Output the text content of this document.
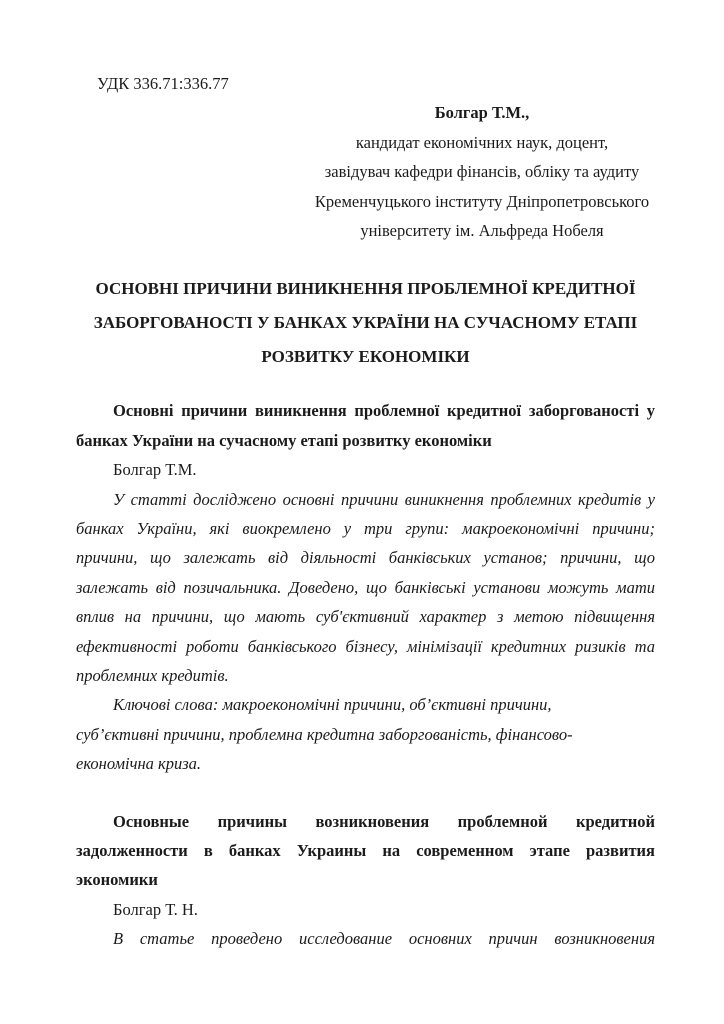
УДК 336.71:336.77
Болгар Т.М.,
кандидат економічних наук, доцент,
завідувач кафедри фінансів, обліку та аудиту
Кременчуцького інституту Дніпропетровського
університету ім. Альфреда Нобеля
ОСНОВНІ ПРИЧИНИ ВИНИКНЕННЯ ПРОБЛЕМНОЇ КРЕДИТНОЇ
ЗАБОРГОВАНОСТІ У БАНКАХ УКРАЇНИ НА СУЧАСНОМУ ЕТАПІ
РОЗВИТКУ ЕКОНОМІКИ
Основні причини виникнення проблемної кредитної заборгованості у
банках України на сучасному етапі розвитку економіки
Болгар Т.М.
У статті досліджено основні причини виникнення проблемних кредитів у
банках України, які виокремлено у три групи: макроекономічні причини;
причини, що залежать від діяльності банківських установ; причини, що
залежать від позичальника. Доведено, що банківські установи можуть мати
вплив на причини, що мають суб'єктивний характер з метою підвищення
ефективності роботи банківського бізнесу, мінімізації кредитних ризиків та
проблемних кредитів.
Ключові слова: макроекономічні причини, об’єктивні причини,
суб’єктивні причини, проблемна кредитна заборгованість, фінансово-
економічна криза.
Основные причины возникновения проблемной кредитной
задолженности в банках Украины на современном этапе развития
экономики
Болгар Т. Н.
В статье проведено исследование основних причин возникновения
